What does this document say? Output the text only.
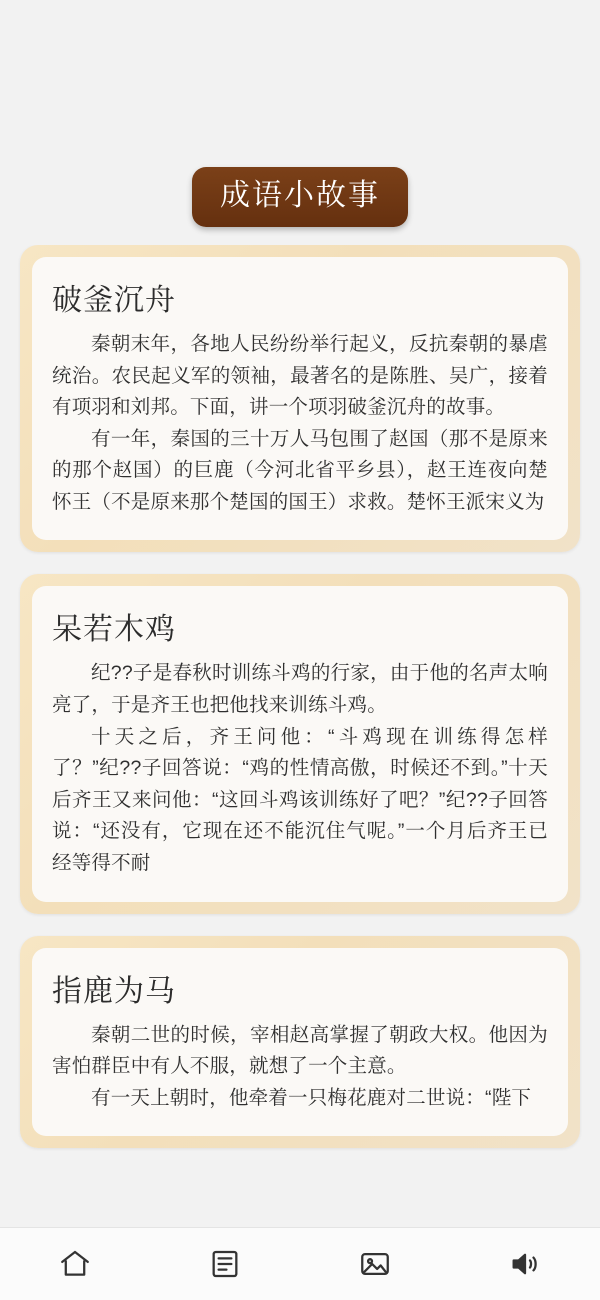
成语小故事
破釜沉舟

秦朝末年，各地人民纷纷举行起义，反抗秦朝的暴虐统治。农民起义军的领袖，最著名的是陈胜、吴广，接着有项羽和刘邦。下面，讲一个项羽破釜沉舟的故事。

有一年，秦国的三十万人马包围了赵国（那不是原来的那个赵国）的巨鹿（今河北省平乡县），赵王连夜向楚怀王（不是原来那个楚国的国王）求救。楚怀王派宋义为

呆若木鸡

纪??子是春秋时训练斗鸡的行家，由于他的名声太响亮了，于是齐王也把他找来训练斗鸡。

十天之后，齐王问他：“斗鸡现在训练得怎样了？”纪??子回答说：“鸡的性情高傲，时候还不到。”十天后齐王又来问他：“这回斗鸡该训练好了吧？”纪??子回答说：“还没有，它现在还不能沉住气呢。”一个月后齐王已经等得不耐

指鹿为马

秦朝二世的时候，宰相赵高掌握了朝政大权。他因为害怕群臣中有人不服，就想了一个主意。

有一天上朝时，他牵着一只梅花鹿对二世说：“陛下
